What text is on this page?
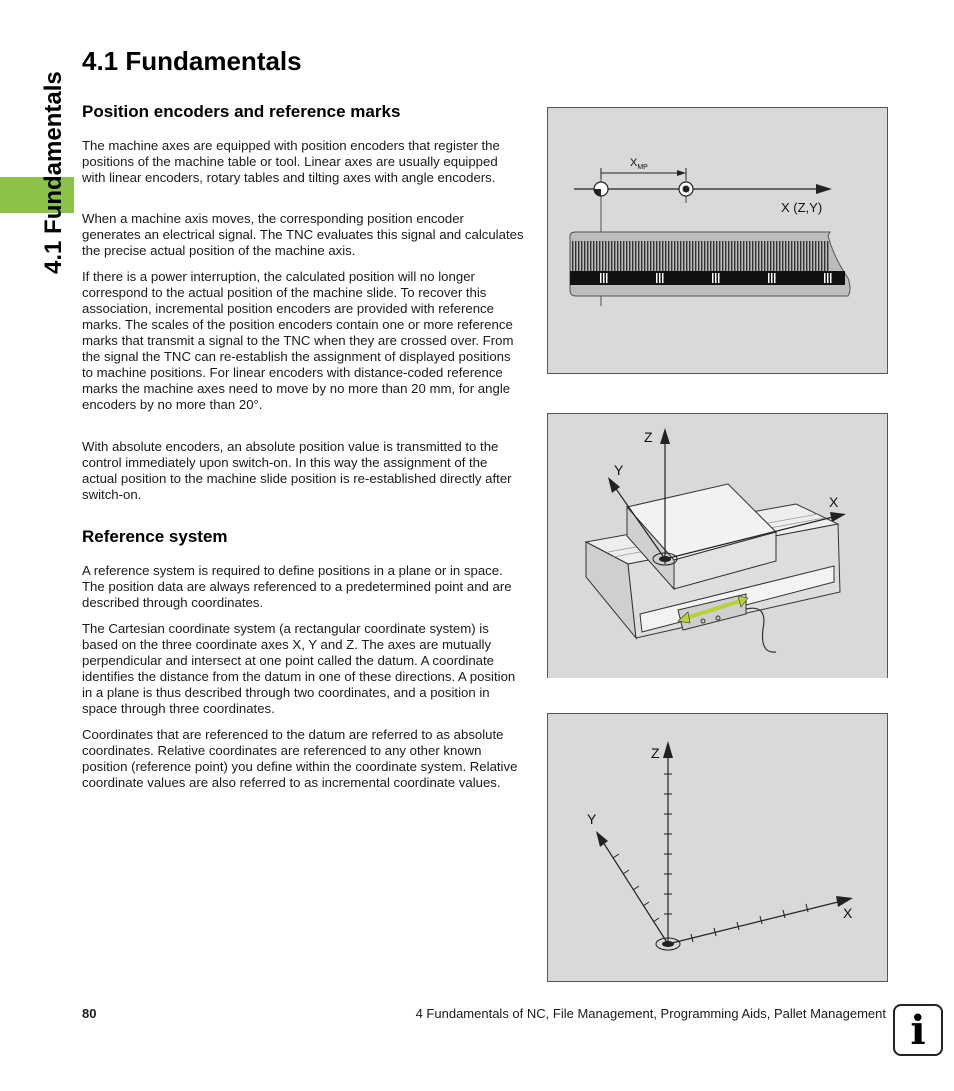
4.1 Fundamentals
4.1 Fundamentals
Position encoders and reference marks

The machine axes are equipped with position encoders that register the positions of the machine table or tool. Linear axes are usually equipped with linear encoders, rotary tables and tilting axes with angle encoders.

When a machine axis moves, the corresponding position encoder generates an electrical signal. The TNC evaluates this signal and calculates the precise actual position of the machine axis.

If there is a power interruption, the calculated position will no longer correspond to the actual position of the machine slide. To recover this association, incremental position encoders are provided with reference marks. The scales of the position encoders contain one or more reference marks that transmit a signal to the TNC when they are crossed over. From the signal the TNC can re-establish the assignment of displayed positions to machine positions. For linear encoders with distance-coded reference marks the machine axes need to move by no more than 20 mm, for angle encoders by no more than 20°.

With absolute encoders, an absolute position value is transmitted to the control immediately upon switch-on. In this way the assignment of the actual position to the machine slide position is re-established directly after switch-on.

Reference system

A reference system is required to define positions in a plane or in space. The position data are always referenced to a predetermined point and are described through coordinates.

The Cartesian coordinate system (a rectangular coordinate system) is based on the three coordinate axes X, Y and Z. The axes are mutually perpendicular and intersect at one point called the datum. A coordinate identifies the distance from the datum in one of these directions. A position in a plane is thus described through two coordinates, and a position in space through three coordinates.

Coordinates that are referenced to the datum are referred to as absolute coordinates. Relative coordinates are referenced to any other known position (reference point) you define within the coordinate system. Relative coordinate values are also referred to as incremental coordinate values.

$X_{MP}$
X (Z,Y)
Z
Y
X
Z
Y
X
80	4 Fundamentals of NC, File Management, Programming Aids, Pallet Management i
